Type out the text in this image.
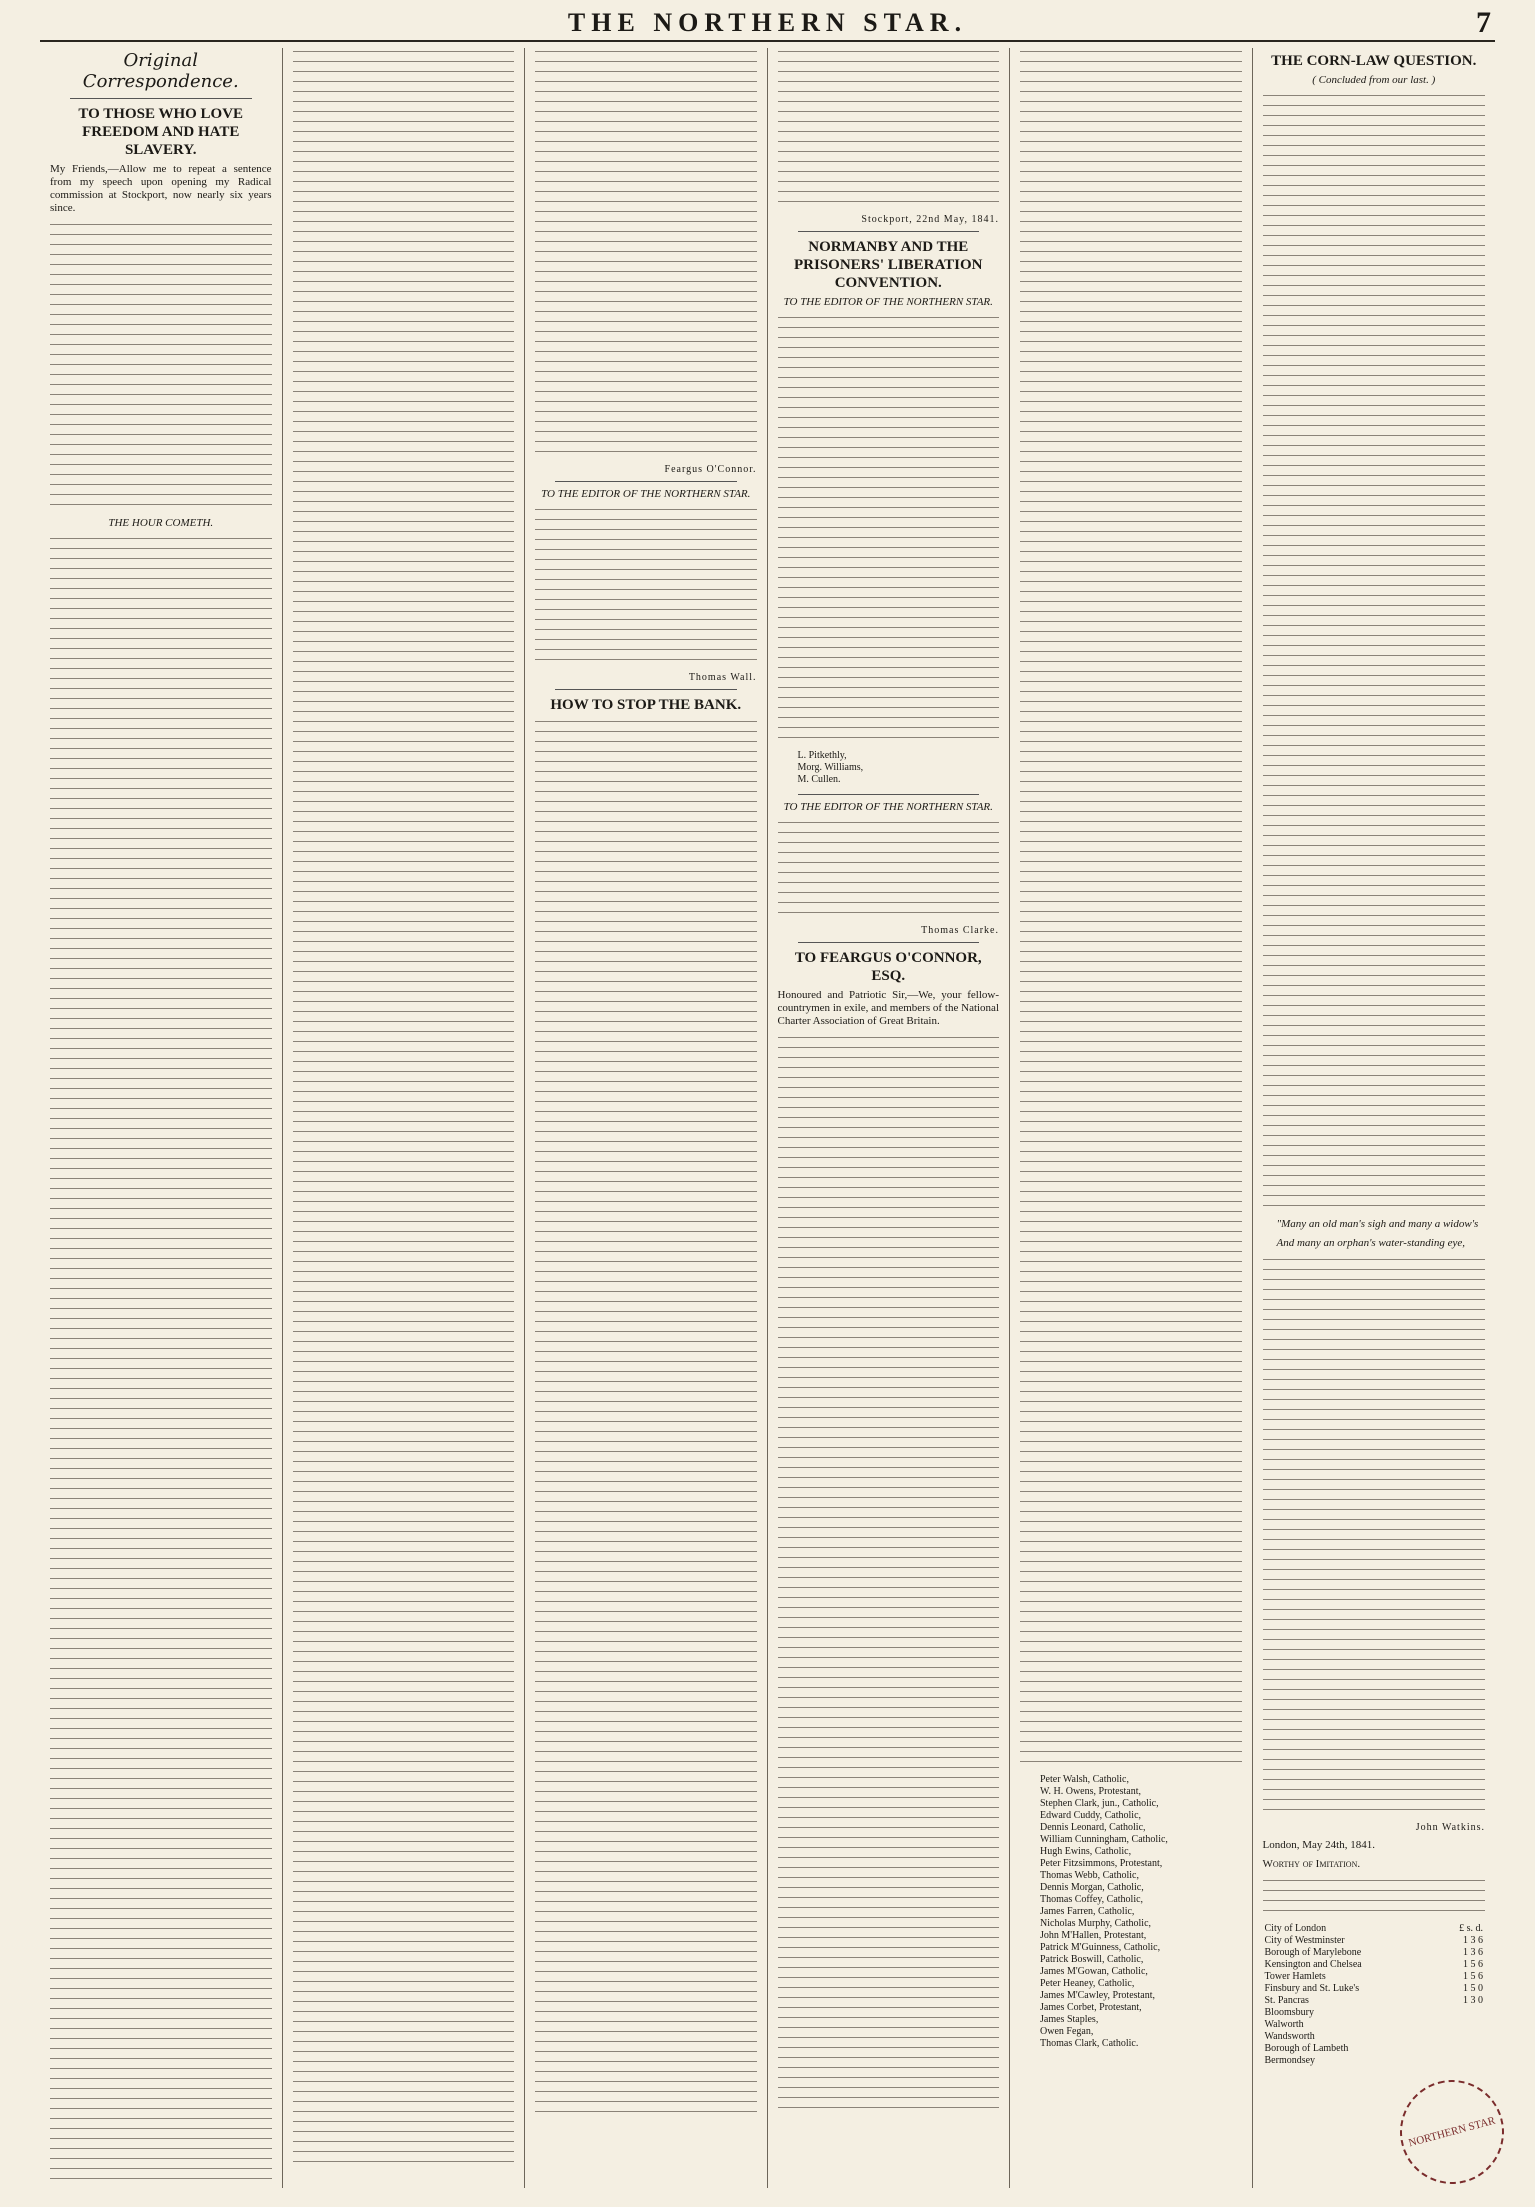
THE NORTHERN STAR.	7
Original Correspondence.
TO THOSE WHO LOVE FREEDOM AND HATE SLAVERY.

My Friends,—Allow me to repeat a sentence from my speech upon opening my Radical commission at Stockport, now nearly six years since.

THE HOUR COMETH.
Feargus O'Connor.
TO THE EDITOR OF THE NORTHERN STAR.
Thomas Wall.
HOW TO STOP THE BANK.
Stockport, 22nd May, 1841.
NORMANBY AND THE PRISONERS' LIBERATION CONVENTION.
TO THE EDITOR OF THE NORTHERN STAR.
L. Pitkethly,
Morg. Williams,
M. Cullen.
TO THE EDITOR OF THE NORTHERN STAR.
Thomas Clarke.
TO FEARGUS O'CONNOR, ESQ.

Honoured and Patriotic Sir,—We, your fellow-countrymen in exile, and members of the National Charter Association of Great Britain.

Peter Walsh, Catholic,
W. H. Owens, Protestant,
Stephen Clark, jun., Catholic,
Edward Cuddy, Catholic,
Dennis Leonard, Catholic,
William Cunningham, Catholic,
Hugh Ewins, Catholic,
Peter Fitzsimmons, Protestant,
Thomas Webb, Catholic,
Dennis Morgan, Catholic,
Thomas Coffey, Catholic,
James Farren, Catholic,
Nicholas Murphy, Catholic,
John M'Hallen, Protestant,
Patrick M'Guinness, Catholic,
Patrick Boswill, Catholic,
James M'Gowan, Catholic,
Peter Heaney, Catholic,
James M'Cawley, Protestant,
James Corbet, Protestant,
James Staples,
Owen Fegan,
Thomas Clark, Catholic.
THE CORN-LAW QUESTION.
( Concluded from our last. )

"Many an old man's sigh and many a widow's

And many an orphan's water-standing eye,

John Watkins.

London, May 24th, 1841.

Worthy of Imitation.

City of London	£ s. d.
City of Westminster	1 3 6
Borough of Marylebone	1 3 6
Kensington and Chelsea	1 5 6
Tower Hamlets	1 5 6
Finsbury and St. Luke's	1 5 0
St. Pancras	1 3 0
Bloomsbury	
Walworth	
Wandsworth	
Borough of Lambeth	
Bermondsey	
NORTHERN STAR
